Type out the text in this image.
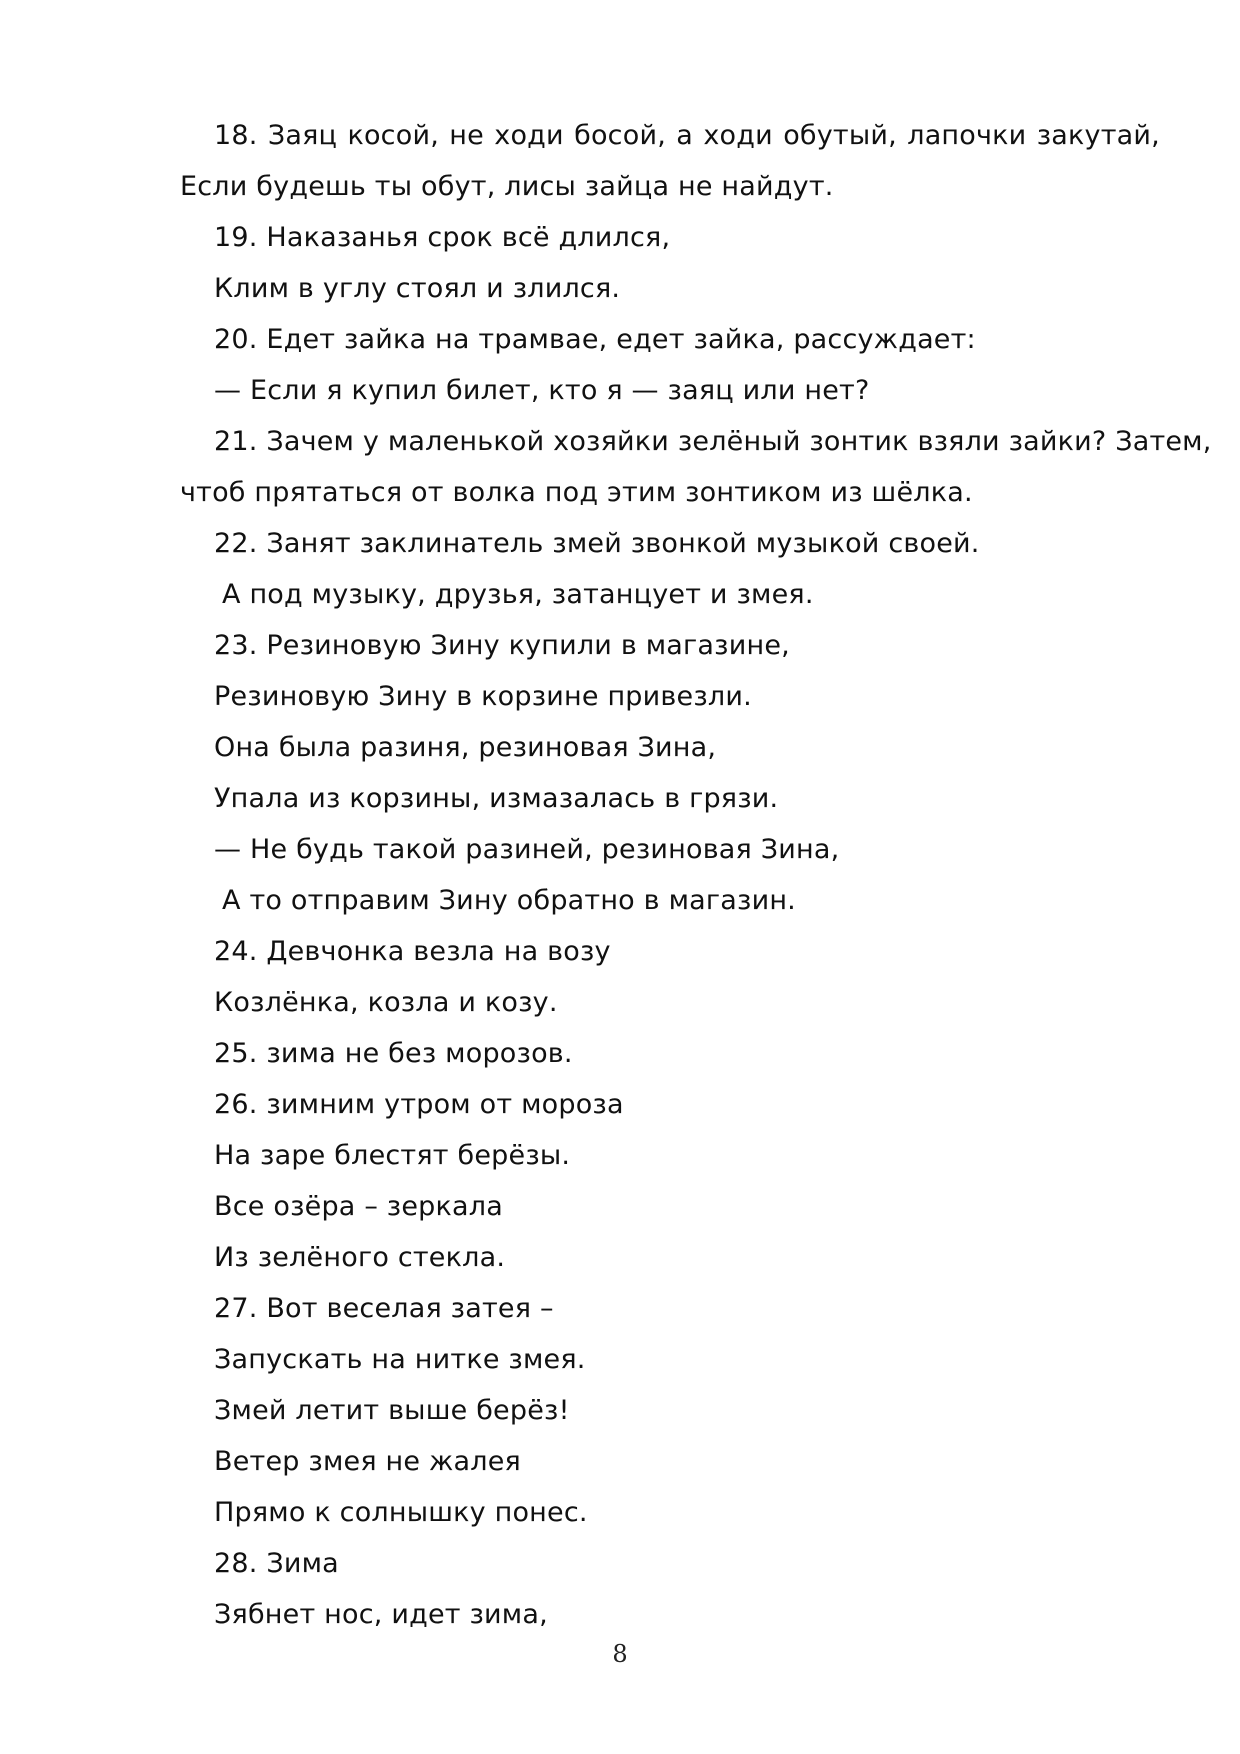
18. Заяц косой, не ходи босой, а ходи обутый, лапочки закутай,
Если будешь ты обут, лисы зайца не найдут.
19. Наказанья срок всё длился,
Клим в углу стоял и злился.
20. Едет зайка на трамвае, едет зайка, рассуждает:
— Если я купил билет, кто я — заяц или нет?
21. Зачем у маленькой хозяйки зелёный зонтик взяли зайки? Затем,
чтоб прятаться от волка под этим зонтиком из шёлка.
22. Занят заклинатель змей звонкой музыкой своей.
А под музыку, друзья, затанцует и змея.
23. Резиновую Зину купили в магазине,
Резиновую Зину в корзине привезли.
Она была разиня, резиновая Зина,
Упала из корзины, измазалась в грязи.
— Не будь такой разиней, резиновая Зина,
А то отправим Зину обратно в магазин.
24. Девчонка везла на возу
Козлёнка, козла и козу.
25. зима не без морозов.
26. зимним утром от мороза
На заре блестят берёзы.
Все озёра – зеркала
Из зелёного стекла.
27. Вот веселая затея –
Запускать на нитке змея.
Змей летит выше берёз!
Ветер змея не жалея
Прямо к солнышку понес.
28. Зима
Зябнет нос, идет зима,
8
